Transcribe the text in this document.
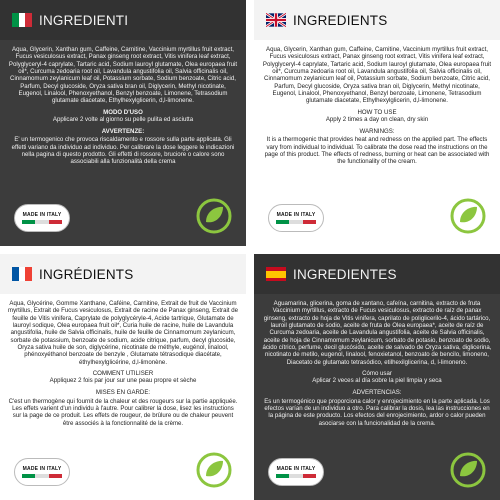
INGREDIENTI

Aqua, Glycerin, Xanthan gum, Caffeine, Carnitine, Vaccinium myrtillus fruit extract, Fucus vesiculosus extract, Panax ginseng root extract, Vitis vinifera leaf extract, Polyglyceryl-4 caprylate, Tartaric acid, Sodium lauroyl glutamate, Olea europaea fruit oil*, Curcuma zedoaria root oil, Lavandula angustifolia oil, Salvia officinalis oil, Cinnamomum zeylanicum leaf oil, Potassium sorbate, Sodium benzoate, Citric acid, Parfum, Decyl glucoside, Oryza sativa bran oil, Diglycerin, Methyl nicotinate, Eugenol, Linalool, Phenoxyethanol, Benzyl benzoate, Limonene, Tetrasodium glutamate diacetate, Ethylhexylglicerin, d,l-limonene.

MODO D'USO

Applicare 2 volte al giorno su pelle pulita ed asciutta

AVVERTENZE:

E' un termogenico che provoca riscaldamento e rossore sulla parte applicata. Gli effetti variano da individuo ad individuo. Per calibrare la dose leggere le indicazioni nella pagina di questo prodotto. Gli effetti di rossore, bruciore o calore sono associabili alla funzionalità della crema

MADE IN ITALY
INGREDIENTS

Aqua, Glycerin, Xanthan gum, Caffeine, Carnitine, Vaccinium myrtillus fruit extract, Fucus vesiculosus extract, Panax ginseng root extract, Vitis vinifera leaf extract, Polyglyceryl-4 caprylate, Tartaric acid, Sodium lauroyl glutamate, Olea europaea fruit oil*, Curcuma zedoaria root oil, Lavandula angustifolia oil, Salvia officinalis oil, Cinnamomum zeylanicum leaf oil, Potassium sorbate, Sodium benzoate, Citric acid, Parfum, Decyl glucoside, Oryza sativa bran oil, Diglycerin, Methyl nicotinate, Eugenol, Linalool, Phenoxyethanol, Benzyl benzoate, Limonene, Tetrasodium glutamate diacetate, Ethylhexylglicerin, d,l-limonene.

HOW TO USE

Apply 2 times a day on clean, dry skin

WARNINGS:

It is a thermogenic that provides heat and redness on the applied part. The effects vary from individual to individual. To calibrate the dose read the instructions on the page of this product. The effects of redness, burning or heat can be associated with the functionality of the cream.

MADE IN ITALY
INGRÉDIENTS

Aqua, Glycérine, Gomme Xanthane, Caféine, Carnitine, Extrait de fruit de Vaccinium myrtillus, Extrait de Fucus vesiculosus, Extrait de racine de Panax ginseng, Extrait de feuille de Vitis vinifera, Caprylate de polyglycéryle-4, Acide tartrique, Glutamate de lauroyl sodique, Olea europaea fruit oil*, Curia huile de racine, huile de Lavandula angustifolia, huile de Salvia officinalis, huile de feuille de Cinnamomum zeylanicum, sorbate de potassium, benzoate de sodium, acide citrique, parfum, decyl glucoside, Oryza sativa huile de son, diglycérine, nicotinate de méthyle, eugénol, linalool, phénoxyéthanol benzoate de benzyle , Glutamate tétrasodique diacétate, éthylhexylglicérine, d,l-limonène.

COMMENT UTILISER

Appliquez 2 fois par jour sur une peau propre et sèche

MISES EN GARDE:

C'est un thermogène qui fournit de la chaleur et des rougeurs sur la partie appliquée. Les effets varient d'un individu à l'autre. Pour calibrer la dose, lisez les instructions sur la page de ce produit. Les effets de rougeur, de brûlure ou de chaleur peuvent être associés à la fonctionnalité de la crème.

MADE IN ITALY
INGREDIENTES

Aguamarina, glicerina, goma de xantano, cafeína, carnitina, extracto de fruta Vaccinium myrtillus, extracto de Fucus vesiculosus, extracto de raíz de panax ginseng, extracto de hoja de Vitis vinifera, caprilato de poliglicerilo-4, ácido tartárico, lauroil glutamato de sodio, aceite de fruta de Olea europaea*, aceite de raíz de Curcuma zedoaria, aceite de Lavandula angustifolia, aceite de Salvia officinalis, aceite de hoja de Cinnamomum zeylanicum, sorbato de potasio, benzoato de sodio, ácido cítrico, perfume, decil glucósido, aceite de salvado de Oryza sativa, diglicerina, nicotinato de metilo, eugenol, linalool, fenoxietanol, benzoato de bencilo, limoneno, Diacetato de glutamato tetrasódico, etilhexilglicerina, d, l-limoneno.

Cómo usar

Aplicar 2 veces al día sobre la piel limpia y seca

ADVERTENCIAS:

Es un termogénico que proporciona calor y enrojecimiento en la parte aplicada. Los efectos varían de un individuo a otro. Para calibrar la dosis, lea las instrucciones en la página de este producto. Los efectos del enrojecimiento, ardor o calor pueden asociarse con la funcionalidad de la crema.

MADE IN ITALY
